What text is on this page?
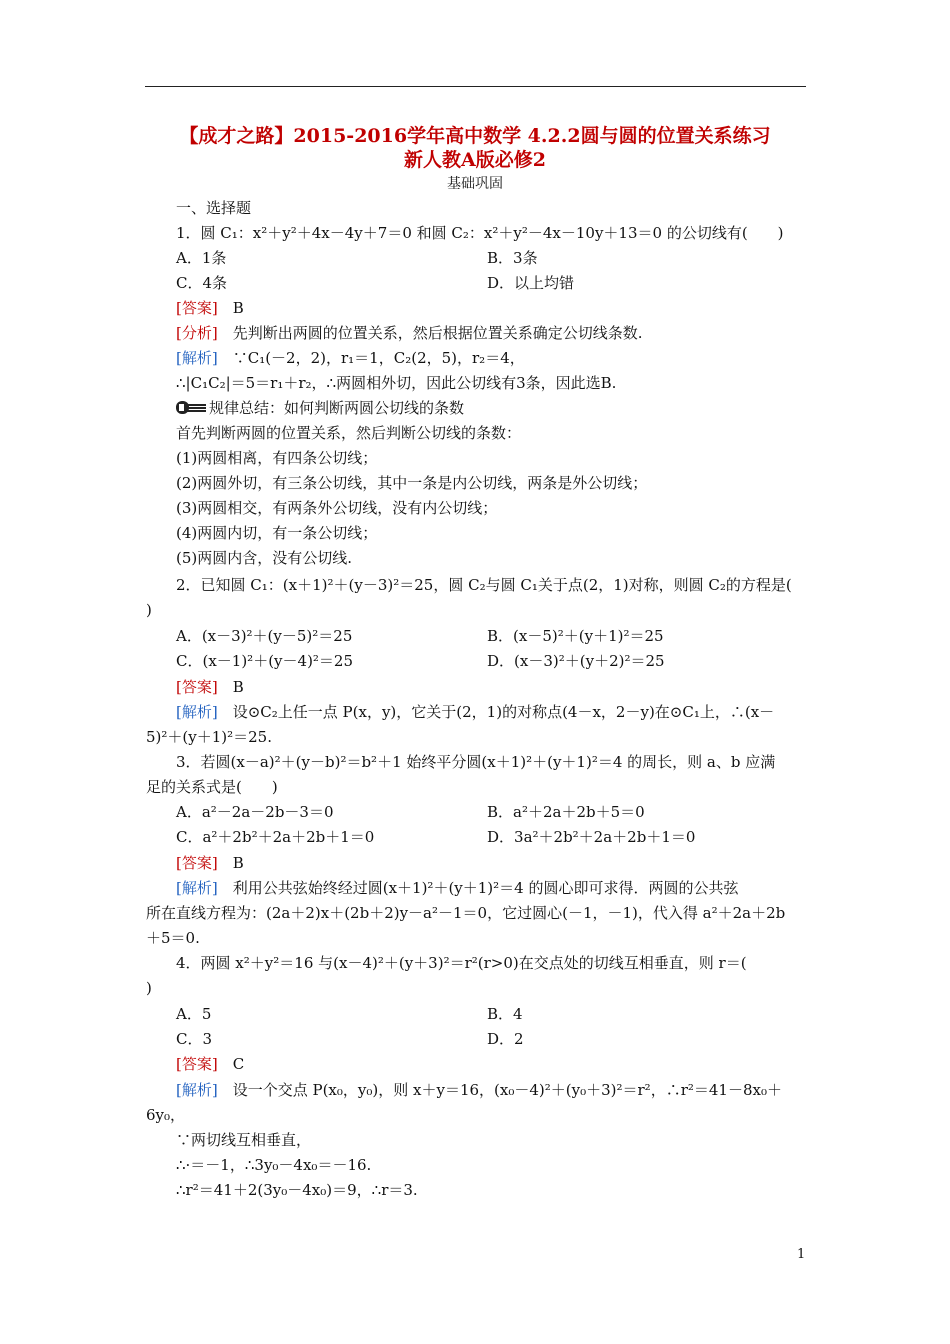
【成才之路】2015-2016学年高中数学 4.2.2圆与圆的位置关系练习
新人教A版必修2
基础巩固
一、选择题
1．圆 C₁：x²＋y²＋4x－4y＋7＝0 和圆 C₂：x²＋y²－4x－10y＋13＝0 的公切线有(　　)
A．1条	B．3条
C．4条	D．以上均错
[答案]　B
[分析]　先判断出两圆的位置关系，然后根据位置关系确定公切线条数.
[解析]　∵C₁(－2，2)，r₁＝1，C₂(2，5)，r₂＝4，
∴|C₁C₂|＝5＝r₁＋r₂，∴两圆相外切，因此公切线有3条，因此选B.
规律总结：如何判断两圆公切线的条数
首先判断两圆的位置关系，然后判断公切线的条数：
(1)两圆相离，有四条公切线；
(2)两圆外切，有三条公切线，其中一条是内公切线，两条是外公切线；
(3)两圆相交，有两条外公切线，没有内公切线；
(4)两圆内切，有一条公切线；
(5)两圆内含，没有公切线.
2．已知圆 C₁：(x＋1)²＋(y－3)²＝25，圆 C₂与圆 C₁关于点(2，1)对称，则圆 C₂的方程是(
)
A．(x－3)²＋(y－5)²＝25	B．(x－5)²＋(y＋1)²＝25
C．(x－1)²＋(y－4)²＝25	D．(x－3)²＋(y＋2)²＝25
[答案]　B
[解析]　设⊙C₂上任一点 P(x，y)，它关于(2，1)的对称点(4－x，2－y)在⊙C₁上，∴(x－
5)²＋(y＋1)²＝25.
3．若圆(x－a)²＋(y－b)²＝b²＋1 始终平分圆(x＋1)²＋(y＋1)²＝4 的周长，则 a、b 应满
足的关系式是(　　)
A．a²－2a－2b－3＝0	B．a²＋2a＋2b＋5＝0
C．a²＋2b²＋2a＋2b＋1＝0	D．3a²＋2b²＋2a＋2b＋1＝0
[答案]　B
[解析]　利用公共弦始终经过圆(x＋1)²＋(y＋1)²＝4 的圆心即可求得．两圆的公共弦
所在直线方程为：(2a＋2)x＋(2b＋2)y－a²－1＝0，它过圆心(－1，－1)，代入得 a²＋2a＋2b
＋5＝0.
4．两圆 x²＋y²＝16 与(x－4)²＋(y＋3)²＝r²(r>0)在交点处的切线互相垂直，则 r＝(
)
A．5	B．4
C．3	D．2
[答案]　C
[解析]　设一个交点 P(x₀，y₀)，则 x＋y＝16，(x₀－4)²＋(y₀＋3)²＝r²，∴r²＝41－8x₀＋
6y₀，
∵两切线互相垂直，
∴·＝－1，∴3y₀－4x₀＝－16.
∴r²＝41＋2(3y₀－4x₀)＝9，∴r＝3.
1
